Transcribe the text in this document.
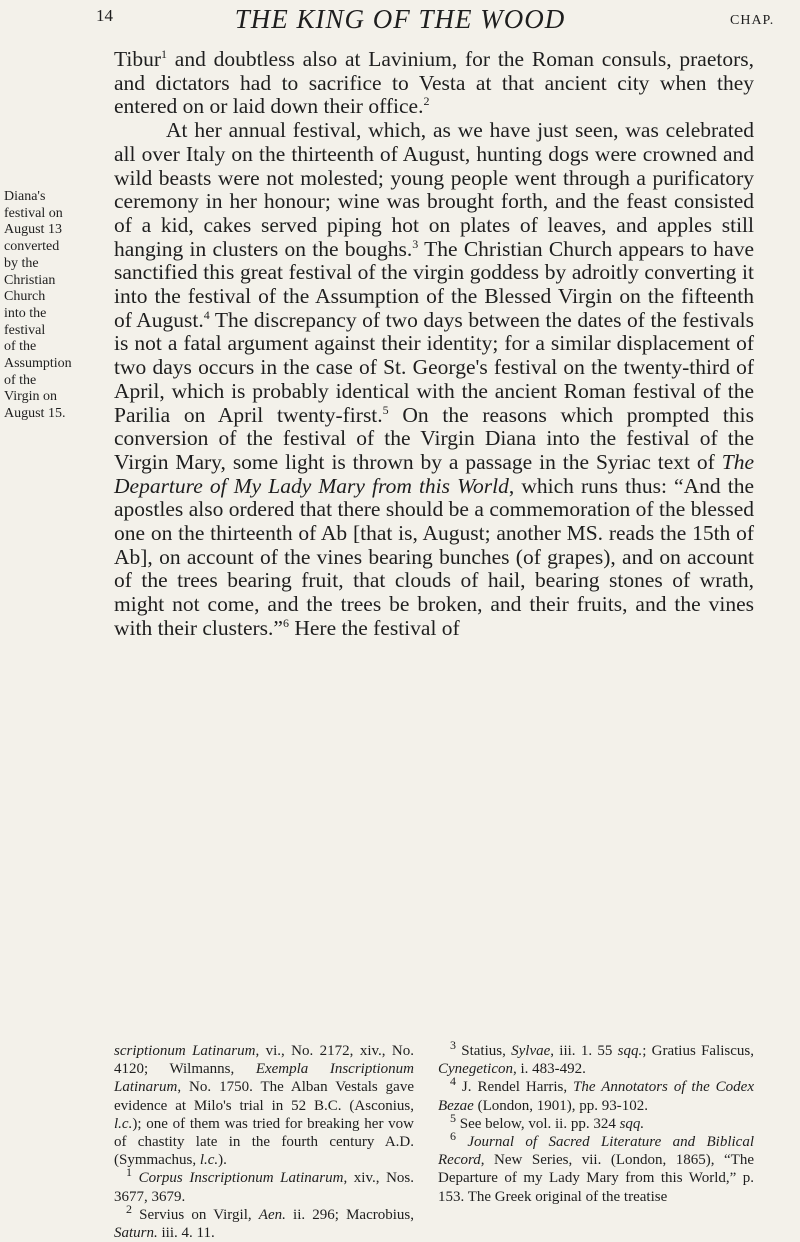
14	THE KING OF THE WOOD	CHAP.
Diana's
festival on
August 13
converted
by the
Christian
Church
into the
festival
of the
Assumption
of the
Virgin on
August 15.

Tibur$^1$ and doubtless also at Lavinium, for the Roman consuls, praetors, and dictators had to sacrifice to Vesta at that ancient city when they entered on or laid down their office.$^2$

At her annual festival, which, as we have just seen, was celebrated all over Italy on the thirteenth of August, hunting dogs were crowned and wild beasts were not molested; young people went through a purificatory ceremony in her honour; wine was brought forth, and the feast consisted of a kid, cakes served piping hot on plates of leaves, and apples still hanging in clusters on the boughs.$^3$ The Christian Church appears to have sanctified this great festival of the virgin goddess by adroitly converting it into the festival of the Assumption of the Blessed Virgin on the fifteenth of August.$^4$ The discrepancy of two days between the dates of the festivals is not a fatal argument against their identity; for a similar displacement of two days occurs in the case of St. George's festival on the twenty-third of April, which is probably identical with the ancient Roman festival of the Parilia on April twenty-first.$^5$ On the reasons which prompted this conversion of the festival of the Virgin Diana into the festival of the Virgin Mary, some light is thrown by a passage in the Syriac text of The Departure of My Lady Mary from this World, which runs thus: “And the apostles also ordered that there should be a commemoration of the blessed one on the thirteenth of Ab [that is, August; another MS. reads the 15th of Ab], on account of the vines bearing bunches (of grapes), and on account of the trees bearing fruit, that clouds of hail, bearing stones of wrath, might not come, and the trees be broken, and their fruits, and the vines with their clusters.”$^6$ Here the festival of

scriptionum Latinarum, vi., No. 2172, xiv., No. 4120; Wilmanns, Exempla Inscriptionum Latinarum, No. 1750. The Alban Vestals gave evidence at Milo's trial in 52 B.C. (Asconius, l.c.); one of them was tried for breaking her vow of chastity late in the fourth century A.D. (Symmachus, l.c.).

$^1$ Corpus Inscriptionum Latinarum, xiv., Nos. 3677, 3679.

$^2$ Servius on Virgil, Aen. ii. 296; Macrobius, Saturn. iii. 4. 11.

$^3$ Statius, Sylvae, iii. 1. 55 sqq.; Gratius Faliscus, Cynegeticon, i. 483-492.

$^4$ J. Rendel Harris, The Annotators of the Codex Bezae (London, 1901), pp. 93-102.

$^5$ See below, vol. ii. pp. 324 sqq.

$^6$ Journal of Sacred Literature and Biblical Record, New Series, vii. (London, 1865), “The Departure of my Lady Mary from this World,” p. 153. The Greek original of the treatise
